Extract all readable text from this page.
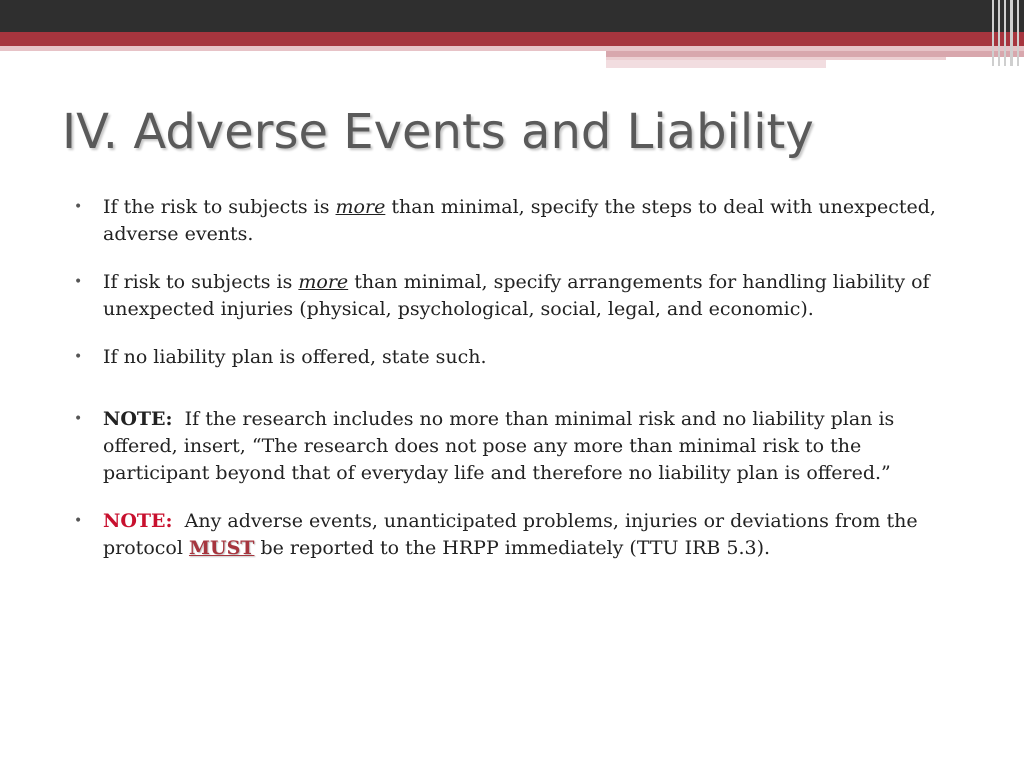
IV. Adverse Events and Liability
• If the risk to subjects is more than minimal, specify the steps to deal with unexpected, adverse events.
• If risk to subjects is more than minimal, specify arrangements for handling liability of unexpected injuries (physical, psychological, social, legal, and economic).
• If no liability plan is offered, state such.
• NOTE: If the research includes no more than minimal risk and no liability plan is offered, insert, “The research does not pose any more than minimal risk to the participant beyond that of everyday life and therefore no liability plan is offered.”
• NOTE: Any adverse events, unanticipated problems, injuries or deviations from the protocol MUST be reported to the HRPP immediately (TTU IRB 5.3).
